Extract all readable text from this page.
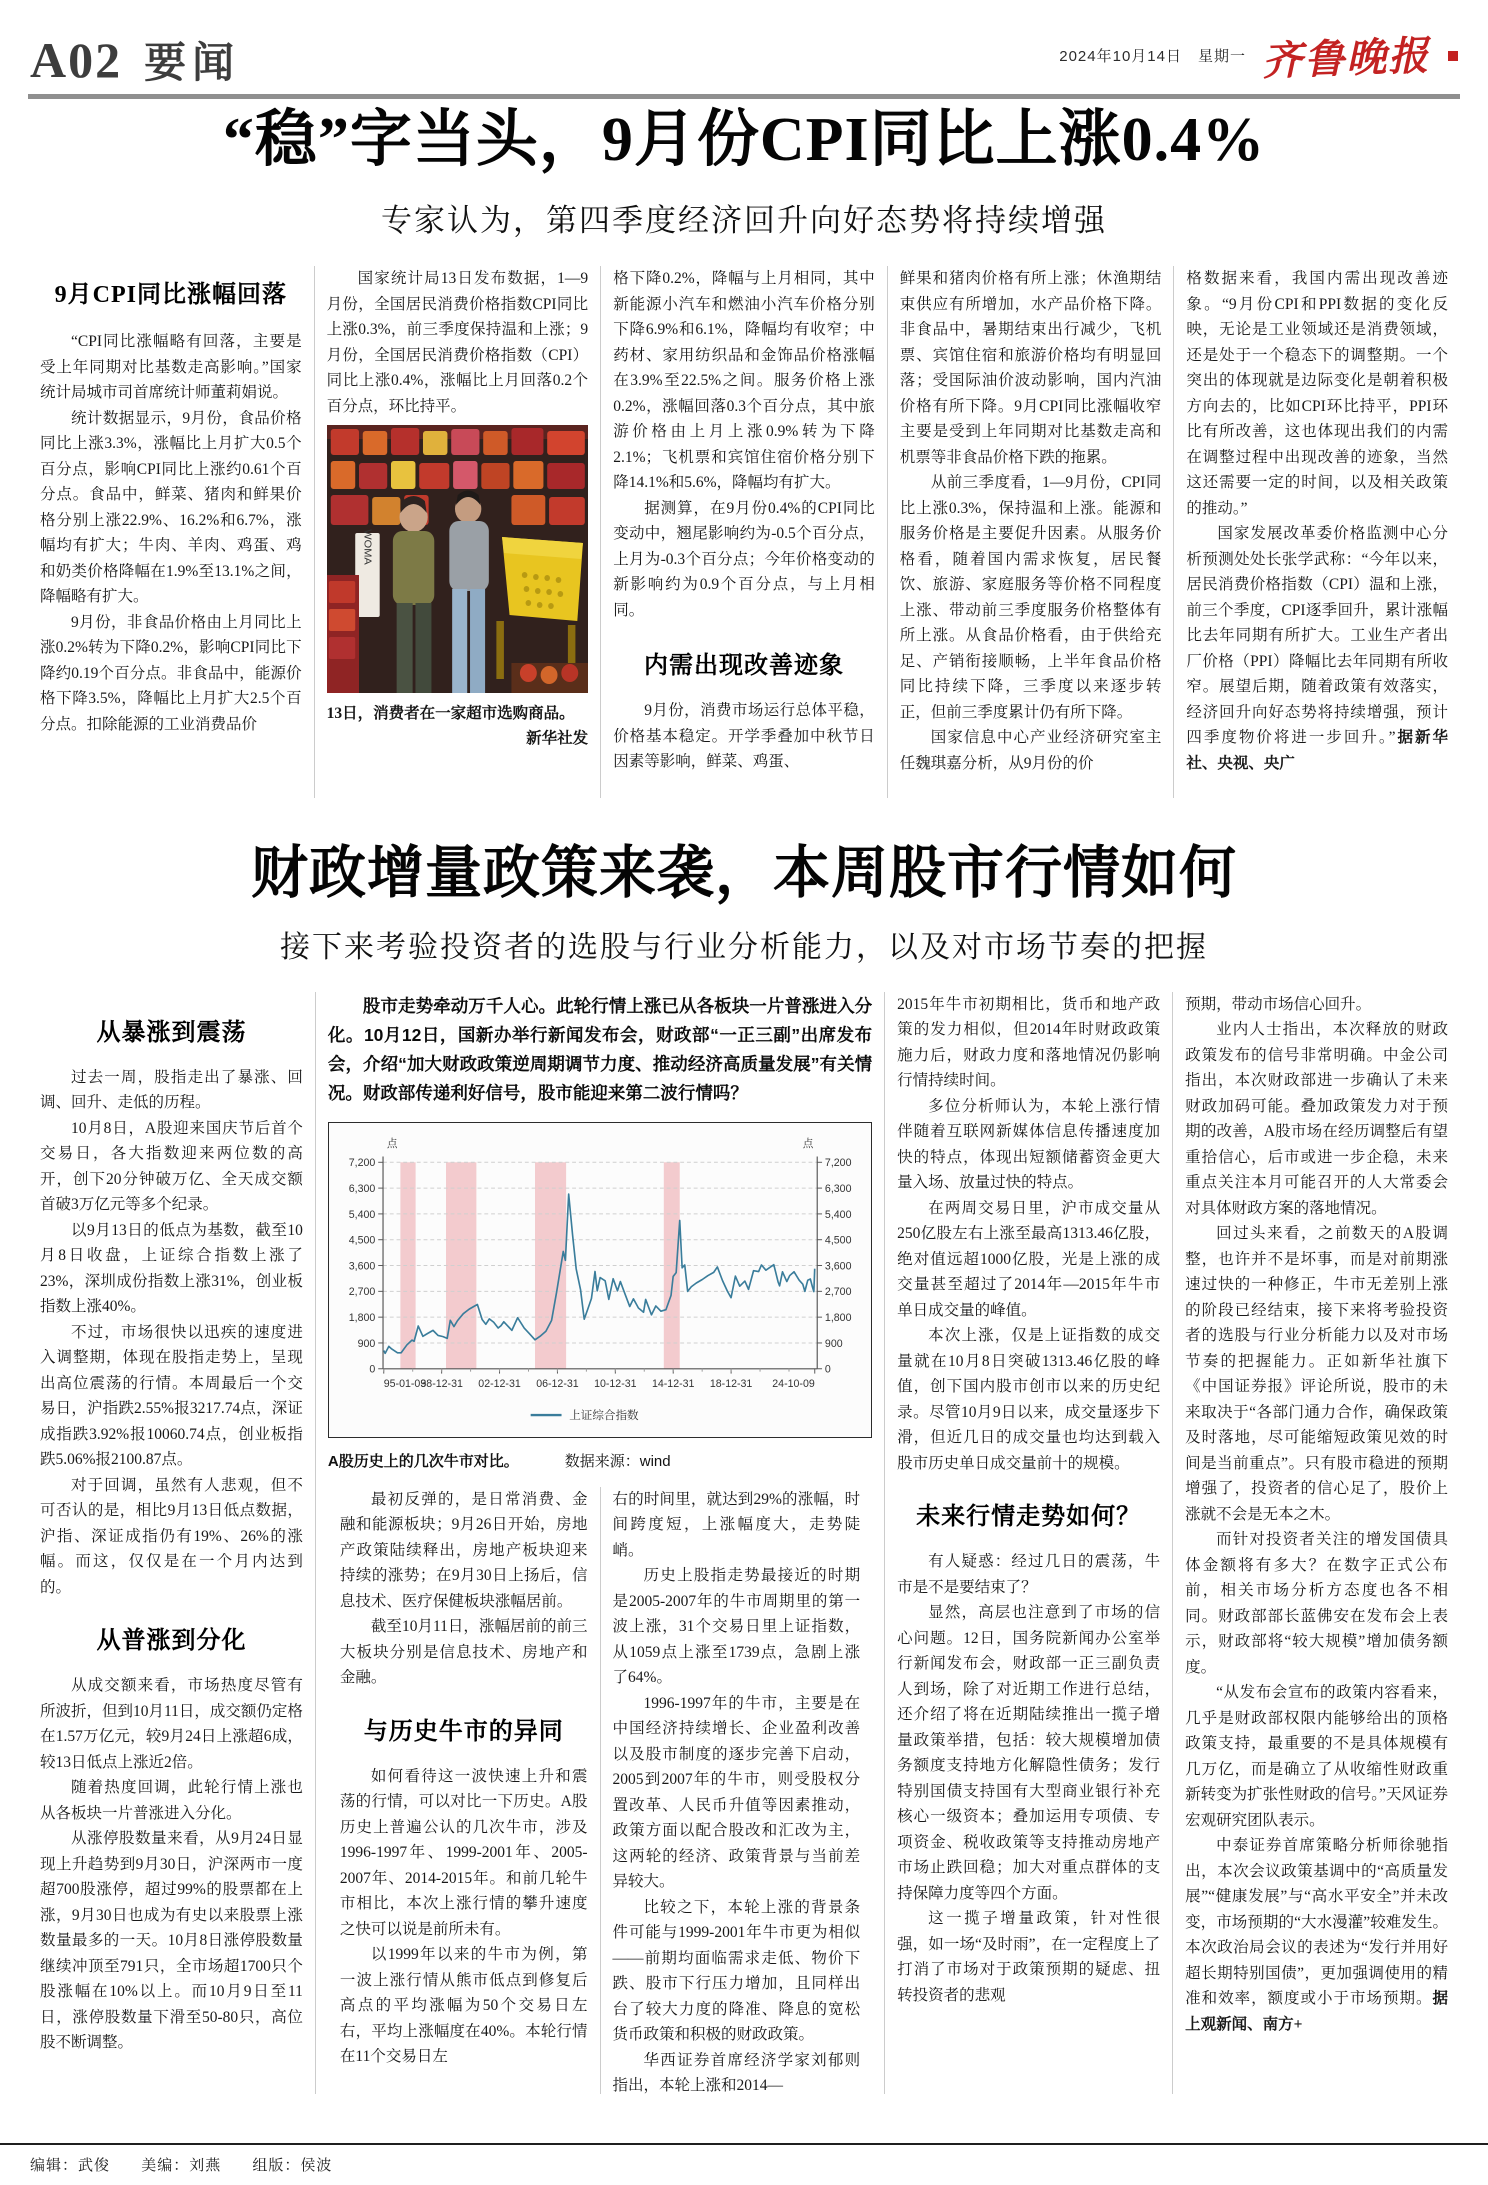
A02 要闻	2024年10月14日 星期一 齐鲁晚报
“稳”字当头，9月份CPI同比上涨0.4%
专家认为，第四季度经济回升向好态势将持续增强
9月CPI同比涨幅回落

“CPI同比涨幅略有回落，主要是受上年同期对比基数走高影响。”国家统计局城市司首席统计师董莉娟说。

统计数据显示，9月份，食品价格同比上涨3.3%，涨幅比上月扩大0.5个百分点，影响CPI同比上涨约0.61个百分点。食品中，鲜菜、猪肉和鲜果价格分别上涨22.9%、16.2%和6.7%，涨幅均有扩大；牛肉、羊肉、鸡蛋、鸡和奶类价格降幅在1.9%至13.1%之间，降幅略有扩大。

9月份，非食品价格由上月同比上涨0.2%转为下降0.2%，影响CPI同比下降约0.19个百分点。非食品中，能源价格下降3.5%，降幅比上月扩大2.5个百分点。扣除能源的工业消费品价

国家统计局13日发布数据，1—9月份，全国居民消费价格指数CPI同比上涨0.3%，前三季度保持温和上涨；9月份，全国居民消费价格指数（CPI）同比上涨0.4%，涨幅比上月回落0.2个百分点，环比持平。

WOMA

13日，消费者在一家超市选购商品。

新华社发

格下降0.2%，降幅与上月相同，其中新能源小汽车和燃油小汽车价格分别下降6.9%和6.1%，降幅均有收窄；中药材、家用纺织品和金饰品价格涨幅在3.9%至22.5%之间。服务价格上涨0.2%，涨幅回落0.3个百分点，其中旅游价格由上月上涨0.9%转为下降2.1%；飞机票和宾馆住宿价格分别下降14.1%和5.6%，降幅均有扩大。

据测算，在9月份0.4%的CPI同比变动中，翘尾影响约为-0.5个百分点，上月为-0.3个百分点；今年价格变动的新影响约为0.9个百分点，与上月相同。

内需出现改善迹象

9月份，消费市场运行总体平稳，价格基本稳定。开学季叠加中秋节日因素等影响，鲜菜、鸡蛋、

鲜果和猪肉价格有所上涨；休渔期结束供应有所增加，水产品价格下降。非食品中，暑期结束出行减少，飞机票、宾馆住宿和旅游价格均有明显回落；受国际油价波动影响，国内汽油价格有所下降。9月CPI同比涨幅收窄主要是受到上年同期对比基数走高和机票等非食品价格下跌的拖累。

从前三季度看，1—9月份，CPI同比上涨0.3%，保持温和上涨。能源和服务价格是主要促升因素。从服务价格看，随着国内需求恢复，居民餐饮、旅游、家庭服务等价格不同程度上涨、带动前三季度服务价格整体有所上涨。从食品价格看，由于供给充足、产销衔接顺畅，上半年食品价格同比持续下降，三季度以来逐步转正，但前三季度累计仍有所下降。

国家信息中心产业经济研究室主任魏琪嘉分析，从9月份的价

格数据来看，我国内需出现改善迹象。“9月份CPI和PPI数据的变化反映，无论是工业领域还是消费领域，还是处于一个稳态下的调整期。一个突出的体现就是边际变化是朝着积极方向去的，比如CPI环比持平，PPI环比有所改善，这也体现出我们的内需在调整过程中出现改善的迹象，当然这还需要一定的时间，以及相关政策的推动。”

国家发展改革委价格监测中心分析预测处处长张学武称：“今年以来，居民消费价格指数（CPI）温和上涨，前三个季度，CPI逐季回升，累计涨幅比去年同期有所扩大。工业生产者出厂价格（PPI）降幅比去年同期有所收窄。展望后期，随着政策有效落实，经济回升向好态势将持续增强，预计四季度物价将进一步回升。”据新华社、央视、央广

财政增量政策来袭，本周股市行情如何
接下来考验投资者的选股与行业分析能力，以及对市场节奏的把握
从暴涨到震荡

过去一周，股指走出了暴涨、回调、回升、走低的历程。

10月8日，A股迎来国庆节后首个交易日，各大指数迎来两位数的高开，创下20分钟破万亿、全天成交额首破3万亿元等多个纪录。

以9月13日的低点为基数，截至10月8日收盘，上证综合指数上涨了23%，深圳成份指数上涨31%，创业板指数上涨40%。

不过，市场很快以迅疾的速度进入调整期，体现在股指走势上，呈现出高位震荡的行情。本周最后一个交易日，沪指跌2.55%报3217.74点，深证成指跌3.92%报10060.74点，创业板指跌5.06%报2100.87点。

对于回调，虽然有人悲观，但不可否认的是，相比9月13日低点数据，沪指、深证成指仍有19%、26%的涨幅。而这，仅仅是在一个月内达到的。

从普涨到分化

从成交额来看，市场热度尽管有所波折，但到10月11日，成交额仍定格在1.57万亿元，较9月24日上涨超6成，较13日低点上涨近2倍。

随着热度回调，此轮行情上涨也从各板块一片普涨进入分化。

从涨停股数量来看，从9月24日显现上升趋势到9月30日，沪深两市一度超700股涨停，超过99%的股票都在上涨，9月30日也成为有史以来股票上涨数量最多的一天。10月8日涨停股数量继续冲顶至791只，全市场超1700只个股涨幅在10%以上。而10月9日至11日，涨停股数量下滑至50-80只，高位股不断调整。

股市走势牵动万千人心。此轮行情上涨已从各板块一片普涨进入分化。10月12日，国新办举行新闻发布会，财政部“一正三副”出席发布会，介绍“加大财政政策逆周期调节力度、推动经济高质量发展”有关情况。财政部传递利好信号，股市能迎来第二波行情吗？

0	0
900	900
1,800	1,800
2,700	2,700
3,600	3,600
4,500	4,500
5,400	5,400
6,300	6,300
7,200	7,200
点	点
95-01-03
98-12-31 02-12-31 06-12-31 10-12-31 14-12-31 18-12-31 24-10-09
上证综合指数
A股历史上的几次牛市对比。	数据来源：wind

最初反弹的，是日常消费、金融和能源板块；9月26日开始，房地产政策陆续释出，房地产板块迎来持续的涨势；在9月30日上扬后，信息技术、医疗保健板块涨幅居前。

截至10月11日，涨幅居前的前三大板块分别是信息技术、房地产和金融。

与历史牛市的异同

如何看待这一波快速上升和震荡的行情，可以对比一下历史。A股历史上普遍公认的几次牛市，涉及1996-1997年、1999-2001年、2005-2007年、2014-2015年。和前几轮牛市相比，本次上涨行情的攀升速度之快可以说是前所未有。

以1999年以来的牛市为例，第一波上涨行情从熊市低点到修复后高点的平均涨幅为50个交易日左右，平均上涨幅度在40%。本轮行情在11个交易日左

右的时间里，就达到29%的涨幅，时间跨度短，上涨幅度大，走势陡峭。

历史上股指走势最接近的时期是2005-2007年的牛市周期里的第一波上涨，31个交易日里上证指数，从1059点上涨至1739点，急剧上涨了64%。

1996-1997年的牛市，主要是在中国经济持续增长、企业盈利改善以及股市制度的逐步完善下启动，2005到2007年的牛市，则受股权分置改革、人民币升值等因素推动，政策方面以配合股改和汇改为主，这两轮的经济、政策背景与当前差异较大。

比较之下，本轮上涨的背景条件可能与1999-2001年牛市更为相似——前期均面临需求走低、物价下跌、股市下行压力增加，且同样出台了较大力度的降准、降息的宽松货币政策和积极的财政政策。

华西证券首席经济学家刘郁则指出，本轮上涨和2014—

2015年牛市初期相比，货币和地产政策的发力相似，但2014年时财政政策施力后，财政力度和落地情况仍影响行情持续时间。

多位分析师认为，本轮上涨行情伴随着互联网新媒体信息传播速度加快的特点，体现出短额储蓄资金更大量入场、放量过快的特点。

在两周交易日里，沪市成交量从250亿股左右上涨至最高1313.46亿股，绝对值远超1000亿股，光是上涨的成交量甚至超过了2014年—2015年牛市单日成交量的峰值。

本次上涨，仅是上证指数的成交量就在10月8日突破1313.46亿股的峰值，创下国内股市创市以来的历史纪录。尽管10月9日以来，成交量逐步下滑，但近几日的成交量也均达到载入股市历史单日成交量前十的规模。

未来行情走势如何？

有人疑惑：经过几日的震荡，牛市是不是要结束了？

显然，高层也注意到了市场的信心问题。12日，国务院新闻办公室举行新闻发布会，财政部一正三副负责人到场，除了对近期工作进行总结，还介绍了将在近期陆续推出一揽子增量政策举措，包括：较大规模增加债务额度支持地方化解隐性债务；发行特别国债支持国有大型商业银行补充核心一级资本；叠加运用专项债、专项资金、税收政策等支持推动房地产市场止跌回稳；加大对重点群体的支持保障力度等四个方面。

这一揽子增量政策，针对性很强，如一场“及时雨”，在一定程度上了打消了市场对于政策预期的疑虑、扭转投资者的悲观

预期，带动市场信心回升。

业内人士指出，本次释放的财政政策发布的信号非常明确。中金公司指出，本次财政部进一步确认了未来财政加码可能。叠加政策发力对于预期的改善，A股市场在经历调整后有望重拾信心，后市或进一步企稳，未来重点关注本月可能召开的人大常委会对具体财政方案的落地情况。

回过头来看，之前数天的A股调整，也许并不是坏事，而是对前期涨速过快的一种修正，牛市无差别上涨的阶段已经结束，接下来将考验投资者的选股与行业分析能力以及对市场节奏的把握能力。正如新华社旗下《中国证券报》评论所说，股市的未来取决于“各部门通力合作，确保政策及时落地，尽可能缩短政策见效的时间是当前重点”。只有股市稳进的预期增强了，投资者的信心足了，股价上涨就不会是无本之木。

而针对投资者关注的增发国债具体金额将有多大？在数字正式公布前，相关市场分析方态度也各不相同。财政部部长蓝佛安在发布会上表示，财政部将“较大规模”增加债务额度。

“从发布会宣布的政策内容看来，几乎是财政部权限内能够给出的顶格政策支持，最重要的不是具体规模有几万亿，而是确立了从收缩性财政重新转变为扩张性财政的信号。”天风证券宏观研究团队表示。

中泰证券首席策略分析师徐驰指出，本次会议政策基调中的“高质量发展”“健康发展”与“高水平安全”并未改变，市场预期的“大水漫灌”较难发生。本次政治局会议的表述为“发行并用好超长期特别国债”，更加强调使用的精准和效率，额度或小于市场预期。据上观新闻、南方+

编辑：武俊 美编：刘燕 组版：侯波
